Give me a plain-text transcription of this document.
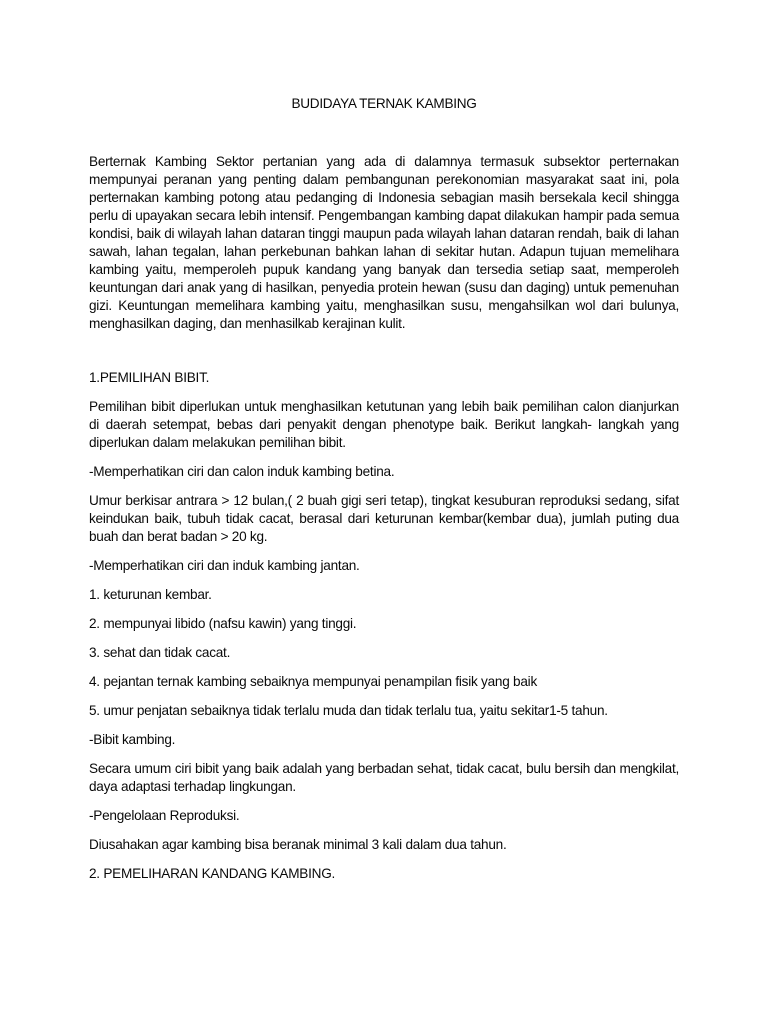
BUDIDAYA TERNAK KAMBING

Berternak Kambing Sektor pertanian yang ada di dalamnya termasuk subsektor perternakan mempunyai peranan yang penting dalam pembangunan perekonomian masyarakat saat ini, pola perternakan kambing potong atau pedanging di Indonesia sebagian masih bersekala kecil shingga perlu di upayakan secara lebih intensif. Pengembangan kambing dapat dilakukan hampir pada semua kondisi, baik di wilayah lahan dataran tinggi maupun pada wilayah lahan dataran rendah, baik di lahan sawah, lahan tegalan, lahan perkebunan bahkan lahan di sekitar hutan. Adapun tujuan memelihara kambing yaitu, memperoleh pupuk kandang yang banyak dan tersedia setiap saat, memperoleh keuntungan dari anak yang di hasilkan, penyedia protein hewan (susu dan daging) untuk pemenuhan gizi. Keuntungan memelihara kambing yaitu, menghasilkan susu, mengahsilkan wol dari bulunya, menghasilkan daging, dan menhasilkab kerajinan kulit.

1.PEMILIHAN BIBIT.

Pemilihan bibit diperlukan untuk menghasilkan ketutunan yang lebih baik pemilihan calon dianjurkan di daerah setempat, bebas dari penyakit dengan phenotype baik. Berikut langkah- langkah yang diperlukan dalam melakukan pemilihan bibit.

-Memperhatikan ciri dan calon induk kambing betina.

Umur berkisar antrara > 12 bulan,( 2 buah gigi seri tetap), tingkat kesuburan reproduksi sedang, sifat keindukan baik, tubuh tidak cacat, berasal dari keturunan kembar(kembar dua), jumlah puting dua buah dan berat badan > 20 kg.

-Memperhatikan ciri dan induk kambing jantan.

1. keturunan kembar.

2. mempunyai libido (nafsu kawin) yang tinggi.

3. sehat dan tidak cacat.

4. pejantan ternak kambing sebaiknya mempunyai penampilan fisik yang baik

5. umur penjatan sebaiknya tidak terlalu muda dan tidak terlalu tua, yaitu sekitar1-5 tahun.

-Bibit kambing.

Secara umum ciri bibit yang baik adalah yang berbadan sehat, tidak cacat, bulu bersih dan mengkilat, daya adaptasi terhadap lingkungan.

-Pengelolaan Reproduksi.

Diusahakan agar kambing bisa beranak minimal 3 kali dalam dua tahun.

2. PEMELIHARAN KANDANG KAMBING.
